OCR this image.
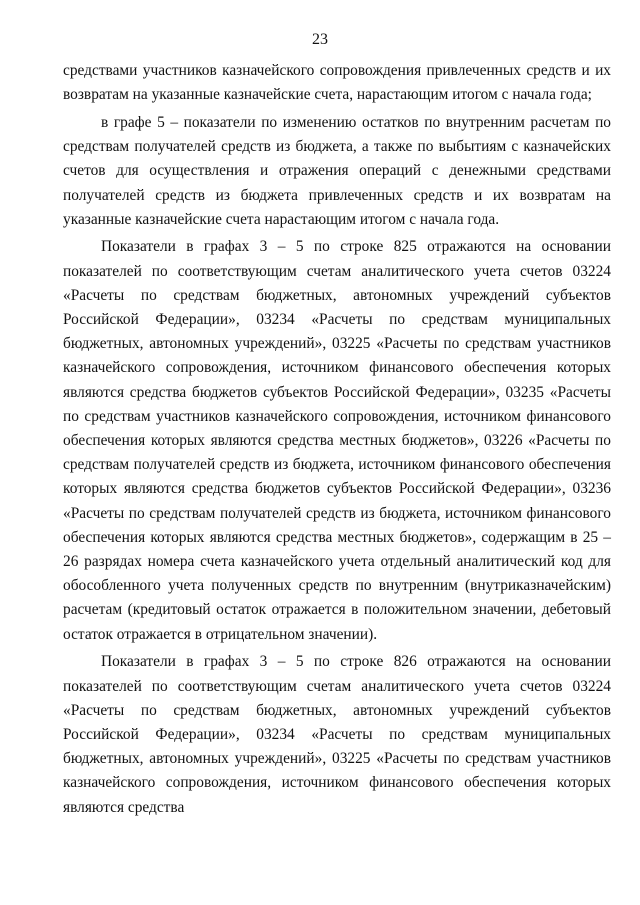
23

средствами участников казначейского сопровождения привлеченных средств и их возвратам на указанные казначейские счета, нарастающим итогом с начала года;

в графе 5 – показатели по изменению остатков по внутренним расчетам по средствам получателей средств из бюджета, а также по выбытиям с казначейских счетов для осуществления и отражения операций с денежными средствами получателей средств из бюджета привлеченных средств и их возвратам на указанные казначейские счета нарастающим итогом с начала года.

Показатели в графах 3 – 5 по строке 825 отражаются на основании показателей по соответствующим счетам аналитического учета счетов 03224 «Расчеты по средствам бюджетных, автономных учреждений субъектов Российской Федерации», 03234 «Расчеты по средствам муниципальных бюджетных, автономных учреждений», 03225 «Расчеты по средствам участников казначейского сопровождения, источником финансового обеспечения которых являются средства бюджетов субъектов Российской Федерации», 03235 «Расчеты по средствам участников казначейского сопровождения, источником финансового обеспечения которых являются средства местных бюджетов», 03226 «Расчеты по средствам получателей средств из бюджета, источником финансового обеспечения которых являются средства бюджетов субъектов Российской Федерации», 03236 «Расчеты по средствам получателей средств из бюджета, источником финансового обеспечения которых являются средства местных бюджетов», содержащим в 25 – 26 разрядах номера счета казначейского учета отдельный аналитический код для обособленного учета полученных средств по внутренним (внутриказначейским) расчетам (кредитовый остаток отражается в положительном значении, дебетовый остаток отражается в отрицательном значении).

Показатели в графах 3 – 5 по строке 826 отражаются на основании показателей по соответствующим счетам аналитического учета счетов 03224 «Расчеты по средствам бюджетных, автономных учреждений субъектов Российской Федерации», 03234 «Расчеты по средствам муниципальных бюджетных, автономных учреждений», 03225 «Расчеты по средствам участников казначейского сопровождения, источником финансового обеспечения которых являются средства
